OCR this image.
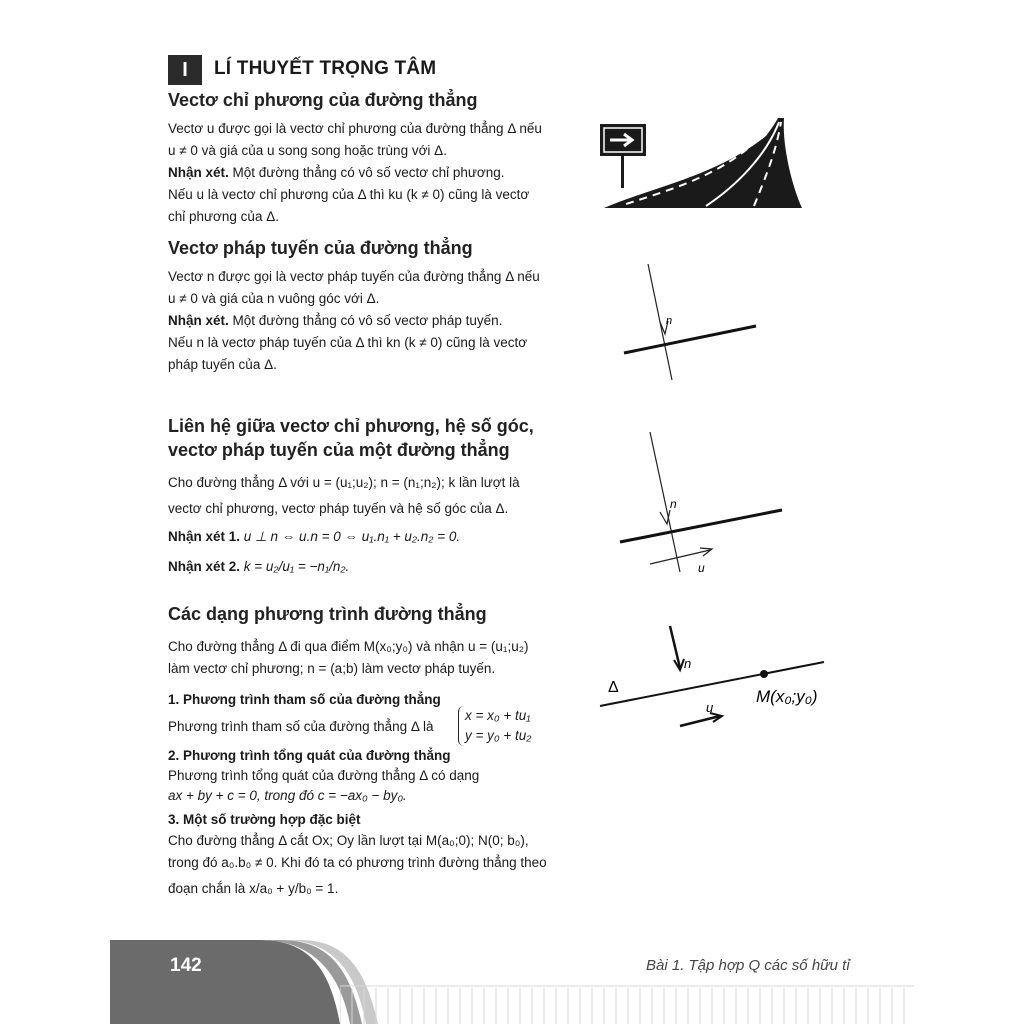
I	LÍ THUYẾT TRỌNG TÂM
Vectơ chỉ phương của đường thẳng
Vectơ u được gọi là vectơ chỉ phương của đường thẳng Δ nếu
u ≠ 0 và giá của u song song hoặc trùng với Δ.
Nhận xét. Một đường thẳng có vô số vectơ chỉ phương.
Nếu u là vectơ chỉ phương của Δ thì ku (k ≠ 0) cũng là vectơ
chỉ phương của Δ.
Vectơ pháp tuyến của đường thẳng
Vectơ n được gọi là vectơ pháp tuyến của đường thẳng Δ nếu
u ≠ 0 và giá của n vuông góc với Δ.
Nhận xét. Một đường thẳng có vô số vectơ pháp tuyến.
Nếu n là vectơ pháp tuyến của Δ thì kn (k ≠ 0) cũng là vectơ
pháp tuyến của Δ.
Liên hệ giữa vectơ chỉ phương, hệ số góc,
vectơ pháp tuyến của một đường thẳng
Cho đường thẳng Δ với u = (u₁;u₂); n = (n₁;n₂); k lần lượt là
vectơ chỉ phương, vectơ pháp tuyến và hệ số góc của Δ.
Nhận xét 1. u ⊥ n ⇔ u.n = 0 ⇔ u₁.n₁ + u₂.n₂ = 0.
Nhận xét 2. k = u₂/u₁ = −n₁/n₂.
Các dạng phương trình đường thẳng
Cho đường thẳng Δ đi qua điểm M(x₀;y₀) và nhận u = (u₁;u₂)
làm vectơ chỉ phương; n = (a;b) làm vectơ pháp tuyến.
1. Phương trình tham số của đường thẳng
Phương trình tham số của đường thẳng Δ là
x = x₀ + tu₁
y = y₀ + tu₂
2. Phương trình tổng quát của đường thẳng
Phương trình tổng quát của đường thẳng Δ có dạng
ax + by + c = 0, trong đó c = −ax₀ − by₀.
3. Một số trường hợp đặc biệt
Cho đường thẳng Δ cắt Ox; Oy lần lượt tại M(a₀;0); N(0; b₀),
trong đó a₀.b₀ ≠ 0. Khi đó ta có phương trình đường thẳng theo
đoạn chắn là x/a₀ + y/b₀ = 1.
n
n
u
Δ
n
u
M(x₀;y₀)
142	Bài 1. Tập hợp Q các số hữu tỉ
